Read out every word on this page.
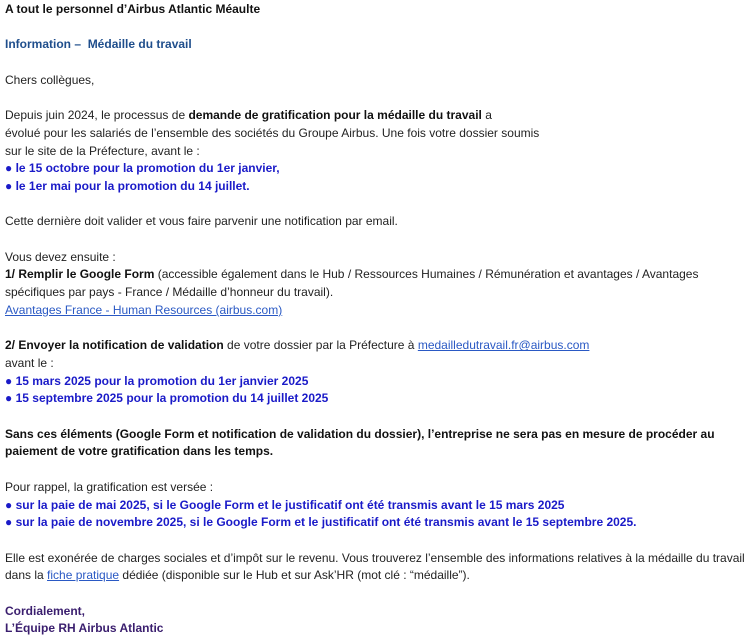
A tout le personnel d’Airbus Atlantic Méaulte

Information – Médaille du travail

Chers collègues,

Depuis juin 2024, le processus de demande de gratification pour la médaille du travail a

évolué pour les salariés de l’ensemble des sociétés du Groupe Airbus. Une fois votre dossier soumis

sur le site de la Préfecture, avant le :

● le 15 octobre pour la promotion du 1er janvier,

● le 1er mai pour la promotion du 14 juillet.

Cette dernière doit valider et vous faire parvenir une notification par email.

Vous devez ensuite :

1/ Remplir le Google Form (accessible également dans le Hub / Ressources Humaines / Rémunération et avantages / Avantages

spécifiques par pays - France / Médaille d’honneur du travail).

Avantages France - Human Resources (airbus.com)

2/ Envoyer la notification de validation de votre dossier par la Préfecture à medailledutravail.fr@airbus.com

avant le :

● 15 mars 2025 pour la promotion du 1er janvier 2025

● 15 septembre 2025 pour la promotion du 14 juillet 2025

Sans ces éléments (Google Form et notification de validation du dossier), l’entreprise ne sera pas en mesure de procéder au

paiement de votre gratification dans les temps.

Pour rappel, la gratification est versée :

● sur la paie de mai 2025, si le Google Form et le justificatif ont été transmis avant le 15 mars 2025

● sur la paie de novembre 2025, si le Google Form et le justificatif ont été transmis avant le 15 septembre 2025.

Elle est exonérée de charges sociales et d’impôt sur le revenu. Vous trouverez l’ensemble des informations relatives à la médaille du travail

dans la fiche pratique dédiée (disponible sur le Hub et sur Ask’HR (mot clé : “médaille”).

Cordialement,

L’Équipe RH Airbus Atlantic
